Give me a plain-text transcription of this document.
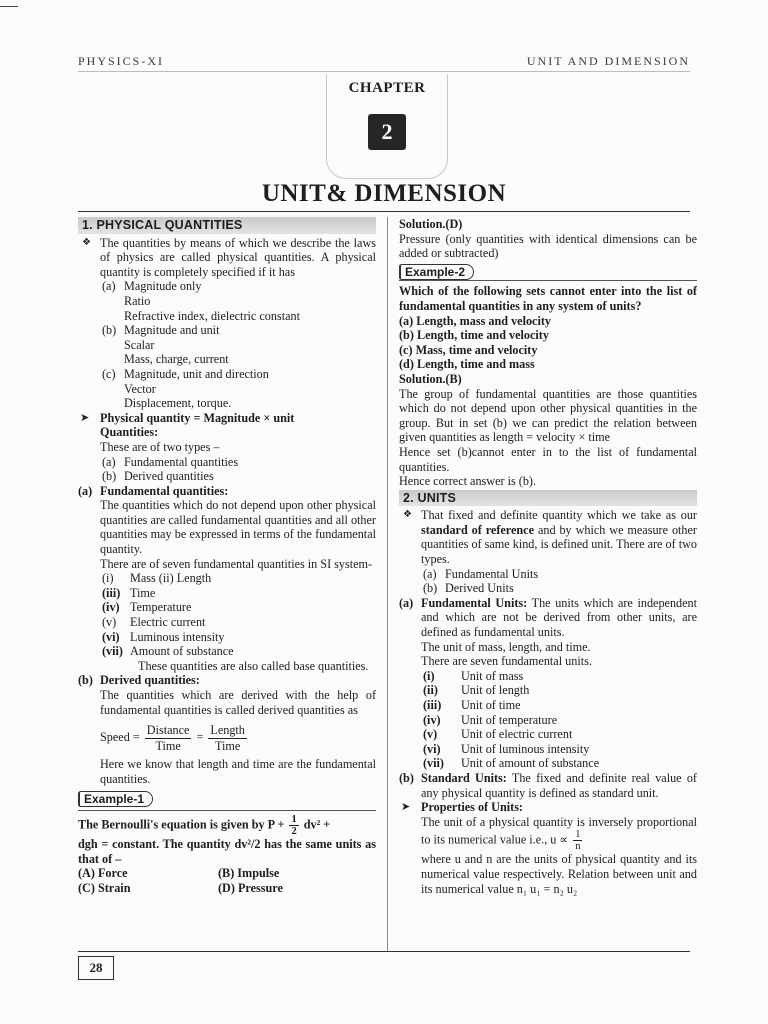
PHYSICS-XI	UNIT AND DIMENSION
CHAPTER
2
UNIT& DIMENSION
1. PHYSICAL QUANTITIES
❖ The quantities by means of which we describe the laws of physics are called physical quantities. A physical quantity is completely specified if it has
(a) Magnitude only
Ratio
Refractive index, dielectric constant
(b) Magnitude and unit
Scalar
Mass, charge, current
(c) Magnitude, unit and direction
Vector
Displacement, torque.
➤ Physical quantity = Magnitude × unit
Quantities:
These are of two types –
(a) Fundamental quantities
(b) Derived quantities
(a) Fundamental quantities:
The quantities which do not depend upon other physical quantities are called fundamental quantities and all other quantities may be expressed in terms of the fundamental quantity.
There are of seven fundamental quantities in SI system-
(i) Mass (ii) Length
(iii) Time
(iv) Temperature
(v) Electric current
(vi) Luminous intensity
(vii) Amount of substance
These quantities are also called base quantities.
(b) Derived quantities:
The quantities which are derived with the help of fundamental quantities is called derived quantities as
Speed = $\frac{\text{Distance}}{\text{Time}} = \frac{\text{Length}}{\text{Time}}$
Here we know that length and time are the fundamental quantities.
Example-1
The Bernoulli's equation is given by $P + \frac{1}{2} dv^2$ +
dgh = constant. The quantity dv²/2 has the same units as that of –
(A) Force	(B) Impulse
(C) Strain	(D) Pressure
Solution.(D)
Pressure (only quantities with identical dimensions can be added or subtracted)
Example-2
Which of the following sets cannot enter into the list of fundamental quantities in any system of units?
(a) Length, mass and velocity
(b) Length, time and velocity
(c) Mass, time and velocity
(d) Length, time and mass
Solution.(B)
The group of fundamental quantities are those quantities which do not depend upon other physical quantities in the group. But in set (b) we can predict the relation between given quantities as length = velocity × time
Hence set (b)cannot enter in to the list of fundamental quantities.
Hence correct answer is (b).
2. UNITS
❖ That fixed and definite quantity which we take as our standard of reference and by which we measure other quantities of same kind, is defined unit. There are of two types.
(a) Fundamental Units
(b) Derived Units
(a) Fundamental Units: The units which are independent and which are not be derived from other units, are defined as fundamental units.
The unit of mass, length, and time.
There are seven fundamental units.
(i) Unit of mass
(ii) Unit of length
(iii) Unit of time
(iv) Unit of temperature
(v) Unit of electric current
(vi) Unit of luminous intensity
(vii) Unit of amount of substance
(b) Standard Units: The fixed and definite real value of any physical quantity is defined as standard unit.
➤ Properties of Units:
The unit of a physical quantity is inversely proportional to its numerical value i.e., $u \propto \frac{1}{n}$
where u and n are the units of physical quantity and its numerical value respectively. Relation between unit and its numerical value n₁ u₁ = n₂ u₂
28
